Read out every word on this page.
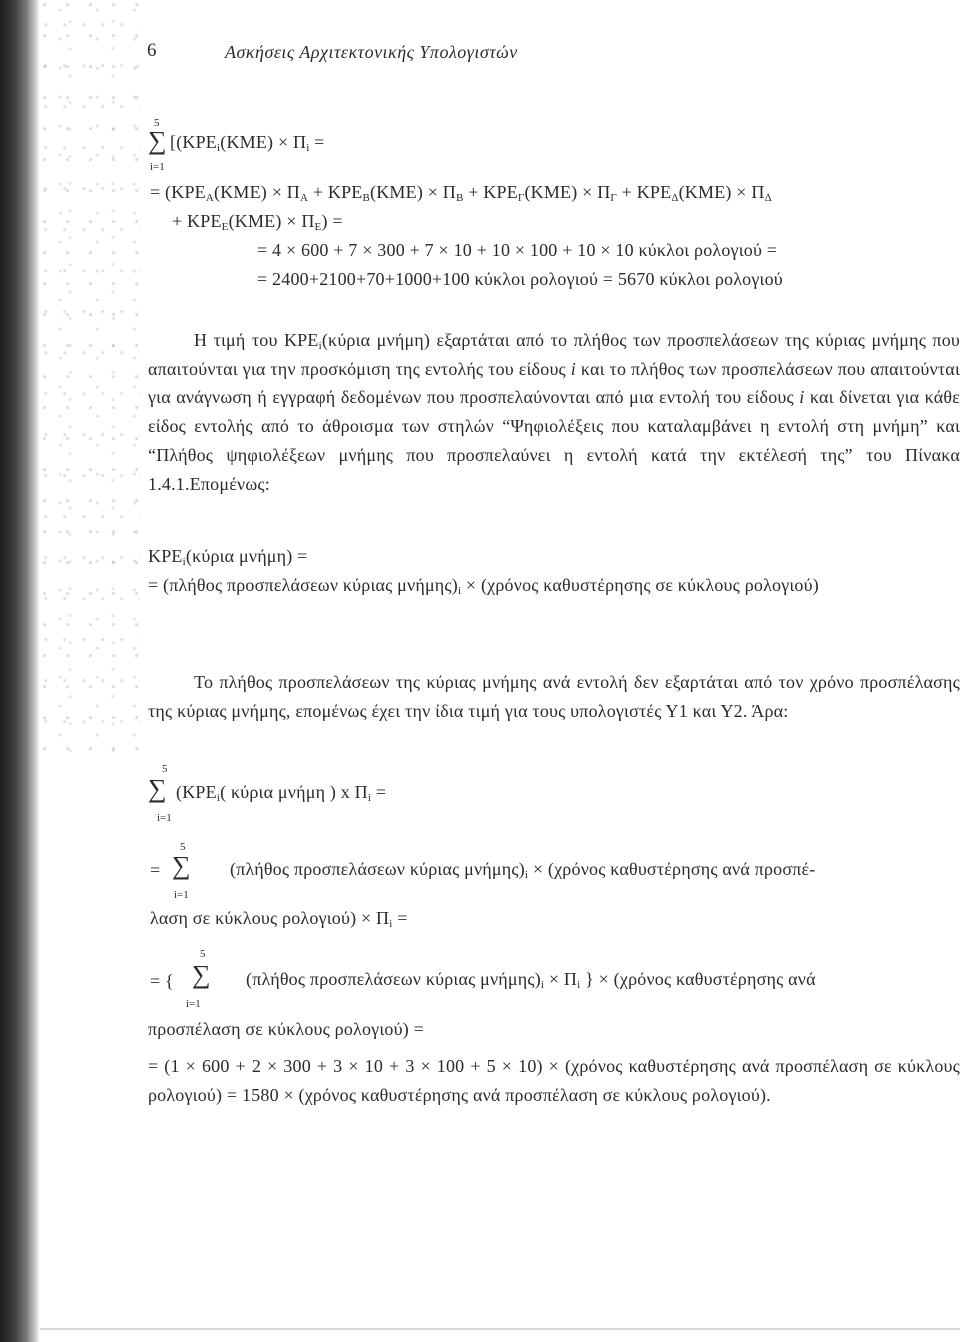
6	Ασκήσεις Αρχιτεκτονικής Υπολογιστών
5
∑
i=1
[($KPE_i(KME) \times \Pi_i$ =
= ($KPE_A(KME) \times \Pi_A + KPE_B(KME) \times \Pi_B + KPE_\Gamma(KME) \times \Pi_\Gamma + KPE_\Delta(KME) \times \Pi_\Delta$
+ $KPE_E(KME) \times \Pi_E$) =
= 4 × 600 + 7 × 300 + 7 × 10 + 10 × 100 + 10 × 10 κύκλοι ρολογιού =
= 2400+2100+70+1000+100 κύκλοι ρολογιού = 5670 κύκλοι ρολογιού

Η τιμή του $KPE_i(\kappa ύ\rho\iota\alpha$ μνήμη) εξαρτάται από το πλήθος των προσπελάσεων της κύριας μνήμης που απαιτούνται για την προσκόμιση της εντολής του είδους i και το πλήθος των προσπελάσεων που απαιτούνται για ανάγνωση ή εγγραφή δεδομένων που προσπελαύνονται από μια εντολή του είδους i και δίνεται για κάθε είδος εντολής από το άθροισμα των στηλών “Ψηφιολέξεις που καταλαμβάνει η εντολή στη μνήμη” και “Πλήθος ψηφιολέξεων μνήμης που προσπελαύνει η εντολή κατά την εκτέλεσή της” του Πίνακα 1.4.1.Επομένως:

$KPE_i(\kappa ύ\rho\iota\alpha$ μνήμη) =

= (πλήθος προσπελάσεων κύριας $\mu\nu ή\mu\eta\varsigma)_i \times (\chi\rho ό\nu o\varsigma$ καθυστέρησης σε κύκλους ρολογιού)

Το πλήθος προσπελάσεων της κύριας μνήμης ανά εντολή δεν εξαρτάται από τον χρόνο προσπέλασης της κύριας μνήμης, επομένως έχει την ίδια τιμή για τους υπολογιστές Υ1 και Υ2. Άρα:

5
∑
i=1
($KPE_i$( κύρια μνήμη ) x $\Pi_i$ =
=
5
∑
i=1
(πλήθος προσπελάσεων κύριας $\mu\nu ή\mu\eta\varsigma)_i \times (\chi\rho ό\nu o\varsigma$ καθυστέρησης ανά προσπέ-
λαση σε κύκλους $\rho o\lambda o\gamma\iota oύ) \times \Pi_i$ =
= {
5
∑
i=1
(πλήθος προσπελάσεων κύριας $\mu\nu ή\mu\eta\varsigma)_i \times \Pi_i$ } × (χρόνος καθυστέρησης ανά
προσπέλαση σε κύκλους ρολογιού) =

= (1 × 600 + 2 × 300 + 3 × 10 + 3 × 100 + 5 × 10) × (χρόνος καθυστέρησης ανά προσπέλαση σε κύκλους ρολογιού) = 1580 × (χρόνος καθυστέρησης ανά προσπέλαση σε κύκλους ρολογιού).
